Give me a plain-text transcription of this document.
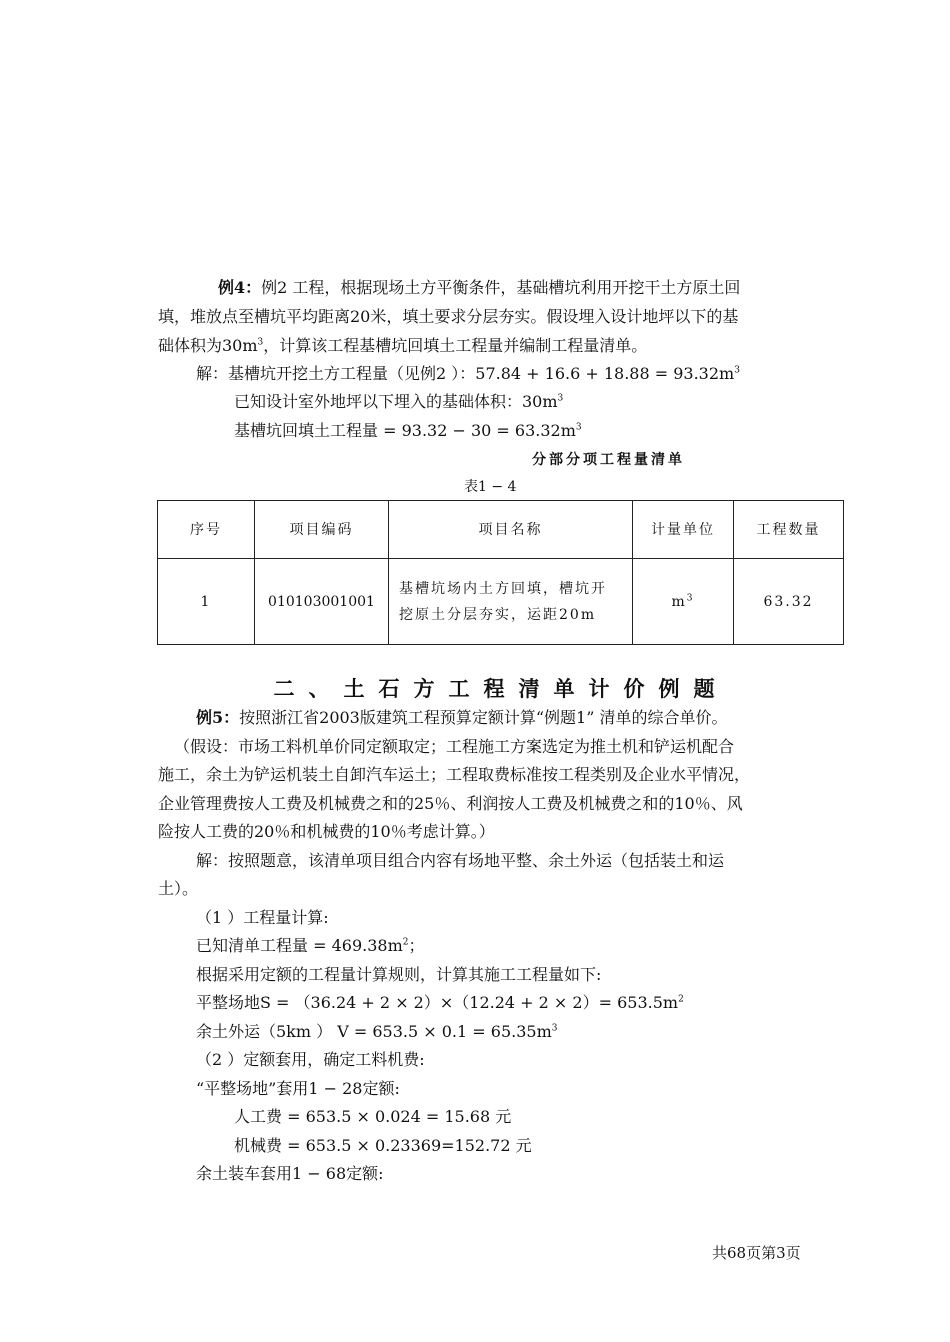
例4：例2 工程，根据现场土方平衡条件，基础槽坑利用开挖干土方原土回
填，堆放点至槽坑平均距离20米，填土要求分层夯实。假设埋入设计地坪以下的基
础体积为$30m^3$，计算该工程基槽坑回填土工程量并编制工程量清单。
解：基槽坑开挖土方工程量（见例2 ）：$57.84 + 16.6 + 18.88 = 93.32m^3$
已知设计室外地坪以下埋入的基础体积：$30m^3$
基槽坑回填土工程量 = $93.32 - 30 = 63.32m^3$
分部分项工程量清单
表1 − 4
序号	项目编码	项目名称	计量单位	工程数量
1	010103001001	基槽坑场内土方回填，槽坑开挖原土分层夯实，运距20m	$m^3$	63.32
二、土石方工程清单计价例题
例5：按照浙江省2003版建筑工程预算定额计算“例题1” 清单的综合单价。
（假设：市场工料机单价同定额取定；工程施工方案选定为推土机和铲运机配合
施工，余土为铲运机装土自卸汽车运土；工程取费标准按工程类别及企业水平情况，
企业管理费按人工费及机械费之和的25％、利润按人工费及机械费之和的10％、风
险按人工费的20％和机械费的10％考虑计算。）
解：按照题意，该清单项目组合内容有场地平整、余土外运（包括装土和运
土）。
（1 ）工程量计算:
已知清单工程量 = $469.38m^2$；
根据采用定额的工程量计算规则，计算其施工工程量如下:
平整场地$S = (36.24 + 2 \times 2)\times(12.24 + 2 \times 2)= 653.5m^2$
余土外运（5km ） $V = 653.5 \times 0.1 = 65.35m^3$
（2 ）定额套用，确定工料机费:
“平整场地”套用1 − 28定额:
人工费 = 653.5 × 0.024 = 15.68 元
机械费 = 653.5 × 0.23369=152.72 元
余土装车套用1 − 68定额:
共68页第3页
